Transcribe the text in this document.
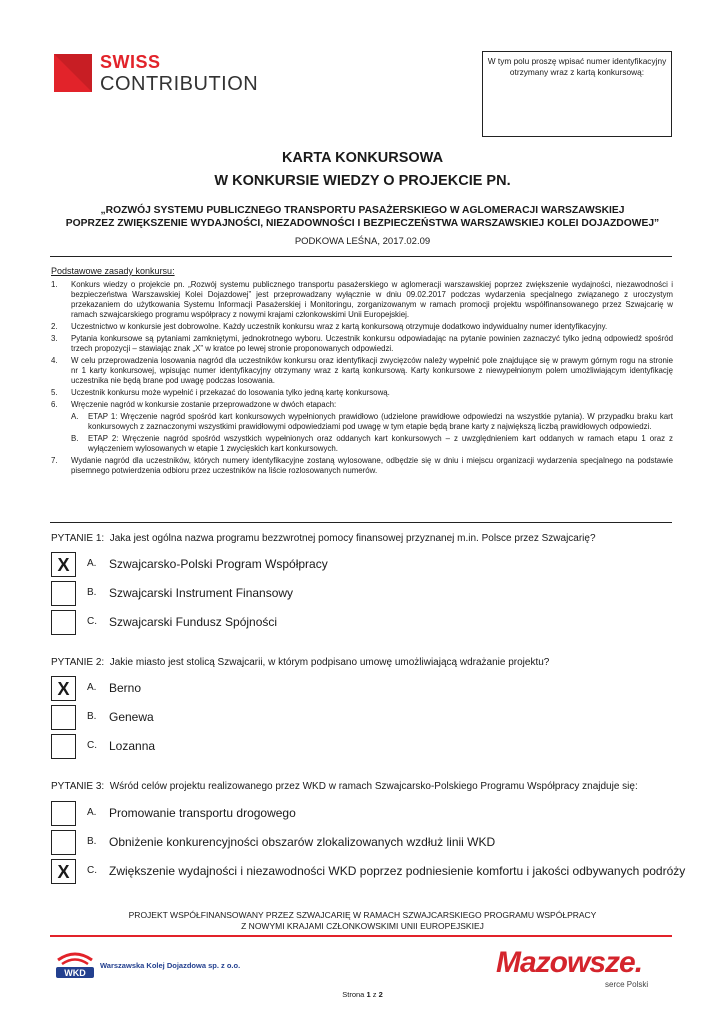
SWISS
CONTRIBUTION
W tym polu proszę wpisać numer identyfikacyjny otrzymany wraz z kartą konkursową:
KARTA KONKURSOWA
W KONKURSIE WIEDZY O PROJEKCIE PN.
„ROZWÓJ SYSTEMU PUBLICZNEGO TRANSPORTU PASAŻERSKIEGO W AGLOMERACJI WARSZAWSKIEJ
POPRZEZ ZWIĘKSZENIE WYDAJNOŚCI, NIEZADOWNOŚCI I BEZPIECZEŃSTWA WARSZAWSKIEJ KOLEI DOJAZDOWEJ”
PODKOWA LEŚNA, 2017.02.09
Podstawowe zasady konkursu:
1.	Konkurs wiedzy o projekcie pn. „Rozwój systemu publicznego transportu pasażerskiego w aglomeracji warszawskiej poprzez zwiększenie wydajności, niezawodności i bezpieczeństwa Warszawskiej Kolei Dojazdowej” jest przeprowadzany wyłącznie w dniu 09.02.2017 podczas wydarzenia specjalnego związanego z uroczystym przekazaniem do użytkowania Systemu Informacji Pasażerskiej i Monitoringu, zorganizowanym w ramach promocji projektu współfinansowanego przez Szwajcarię w ramach szwajcarskiego programu współpracy z nowymi krajami członkowskimi Unii Europejskiej.
2.	Uczestnictwo w konkursie jest dobrowolne. Każdy uczestnik konkursu wraz z kartą konkursową otrzymuje dodatkowo indywidualny numer identyfikacyjny.
3.	Pytania konkursowe są pytaniami zamkniętymi, jednokrotnego wyboru. Uczestnik konkursu odpowiadając na pytanie powinien zaznaczyć tylko jedną odpowiedź spośród trzech propozycji – stawiając znak „X” w kratce po lewej stronie proponowanych odpowiedzi.
4.	W celu przeprowadzenia losowania nagród dla uczestników konkursu oraz identyfikacji zwycięzców należy wypełnić pole znajdujące się w prawym górnym rogu na stronie nr 1 karty konkursowej, wpisując numer identyfikacyjny otrzymany wraz z kartą konkursową. Karty konkursowe z niewypełnionym polem umożliwiającym identyfikację uczestnika nie będą brane pod uwagę podczas losowania.
5.	Uczestnik konkursu może wypełnić i przekazać do losowania tylko jedną kartę konkursową.
6.	Wręczenie nagród w konkursie zostanie przeprowadzone w dwóch etapach:
A.	ETAP 1: Wręczenie nagród spośród kart konkursowych wypełnionych prawidłowo (udzielone prawidłowe odpowiedzi na wszystkie pytania). W przypadku braku kart konkursowych z zaznaczonymi wszystkimi prawidłowymi odpowiedziami pod uwagę w tym etapie będą brane karty z największą liczbą prawidłowych odpowiedzi.
B.	ETAP 2: Wręczenie nagród spośród wszystkich wypełnionych oraz oddanych kart konkursowych – z uwzględnieniem kart oddanych w ramach etapu 1 oraz z wyłączeniem wylosowanych w etapie 1 zwycięskich kart konkursowych.
7.	Wydanie nagród dla uczestników, których numery identyfikacyjne zostaną wylosowane, odbędzie się w dniu i miejscu organizacji wydarzenia specjalnego na podstawie pisemnego potwierdzenia odbioru przez uczestników na liście rozlosowanych numerów.
PYTANIE 1: Jaka jest ogólna nazwa programu bezzwrotnej pomocy finansowej przyznanej m.in. Polsce przez Szwajcarię?
X	A. Szwajcarsko-Polski Program Współpracy
B. Szwajcarski Instrument Finansowy
C. Szwajcarski Fundusz Spójności
PYTANIE 2: Jakie miasto jest stolicą Szwajcarii, w którym podpisano umowę umożliwiającą wdrażanie projektu?
X	A. Berno
B. Genewa
C. Lozanna
PYTANIE 3: Wśród celów projektu realizowanego przez WKD w ramach Szwajcarsko-Polskiego Programu Współpracy znajduje się:
A. Promowanie transportu drogowego
B. Obniżenie konkurencyjności obszarów zlokalizowanych wzdłuż linii WKD
X	C. Zwiększenie wydajności i niezawodności WKD poprzez podniesienie komfortu i jakości odbywanych podróży
PROJEKT WSPÓŁFINANSOWANY PRZEZ SZWAJCARIĘ W RAMACH SZWAJCARSKIEGO PROGRAMU WSPÓŁPRACY
Z NOWYMI KRAJAMI CZŁONKOWSKIMI UNII EUROPEJSKIEJ
WKD
Warszawska Kolej Dojazdowa sp. z o.o.	Mazowsze.
serce Polski
Strona 1 z 2
